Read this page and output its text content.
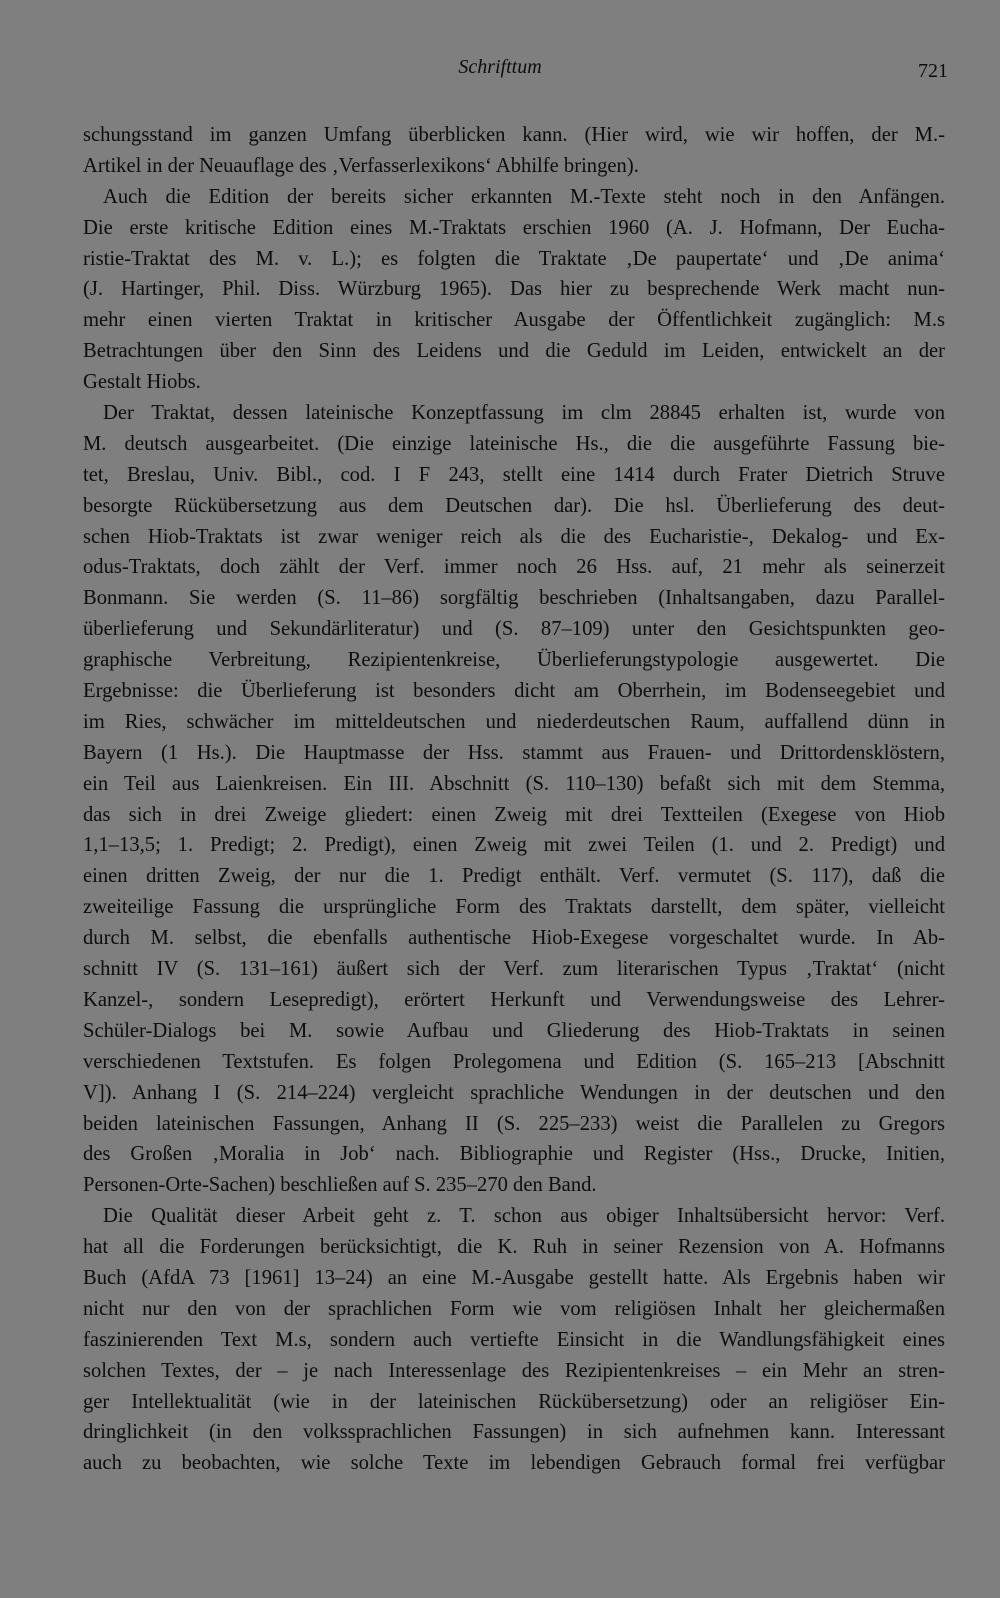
Schrifttum	721
schungsstand im ganzen Umfang überblicken kann. (Hier wird, wie wir hoffen, der M.-
Artikel in der Neuauflage des ‚Verfasserlexikons‘ Abhilfe bringen).
Auch die Edition der bereits sicher erkannten M.-Texte steht noch in den Anfängen.
Die erste kritische Edition eines M.-Traktats erschien 1960 (A. J. Hofmann, Der Eucha-
ristie-Traktat des M. v. L.); es folgten die Traktate ‚De paupertate‘ und ‚De anima‘
(J. Hartinger, Phil. Diss. Würzburg 1965). Das hier zu besprechende Werk macht nun-
mehr einen vierten Traktat in kritischer Ausgabe der Öffentlichkeit zugänglich: M.s
Betrachtungen über den Sinn des Leidens und die Geduld im Leiden, entwickelt an der
Gestalt Hiobs.
Der Traktat, dessen lateinische Konzeptfassung im clm 28845 erhalten ist, wurde von
M. deutsch ausgearbeitet. (Die einzige lateinische Hs., die die ausgeführte Fassung bie-
tet, Breslau, Univ. Bibl., cod. I F 243, stellt eine 1414 durch Frater Dietrich Struve
besorgte Rückübersetzung aus dem Deutschen dar). Die hsl. Überlieferung des deut-
schen Hiob-Traktats ist zwar weniger reich als die des Eucharistie-, Dekalog- und Ex-
odus-Traktats, doch zählt der Verf. immer noch 26 Hss. auf, 21 mehr als seinerzeit
Bonmann. Sie werden (S. 11–86) sorgfältig beschrieben (Inhaltsangaben, dazu Parallel-
überlieferung und Sekundärliteratur) und (S. 87–109) unter den Gesichtspunkten geo-
graphische Verbreitung, Rezipientenkreise, Überlieferungstypologie ausgewertet. Die
Ergebnisse: die Überlieferung ist besonders dicht am Oberrhein, im Bodenseegebiet und
im Ries, schwächer im mitteldeutschen und niederdeutschen Raum, auffallend dünn in
Bayern (1 Hs.). Die Hauptmasse der Hss. stammt aus Frauen- und Drittordensklöstern,
ein Teil aus Laienkreisen. Ein III. Abschnitt (S. 110–130) befaßt sich mit dem Stemma,
das sich in drei Zweige gliedert: einen Zweig mit drei Textteilen (Exegese von Hiob
1,1–13,5; 1. Predigt; 2. Predigt), einen Zweig mit zwei Teilen (1. und 2. Predigt) und
einen dritten Zweig, der nur die 1. Predigt enthält. Verf. vermutet (S. 117), daß die
zweiteilige Fassung die ursprüngliche Form des Traktats darstellt, dem später, vielleicht
durch M. selbst, die ebenfalls authentische Hiob-Exegese vorgeschaltet wurde. In Ab-
schnitt IV (S. 131–161) äußert sich der Verf. zum literarischen Typus ‚Traktat‘ (nicht
Kanzel-, sondern Lesepredigt), erörtert Herkunft und Verwendungsweise des Lehrer-
Schüler-Dialogs bei M. sowie Aufbau und Gliederung des Hiob-Traktats in seinen
verschiedenen Textstufen. Es folgen Prolegomena und Edition (S. 165–213 [Abschnitt
V]). Anhang I (S. 214–224) vergleicht sprachliche Wendungen in der deutschen und den
beiden lateinischen Fassungen, Anhang II (S. 225–233) weist die Parallelen zu Gregors
des Großen ‚Moralia in Job‘ nach. Bibliographie und Register (Hss., Drucke, Initien,
Personen-Orte-Sachen) beschließen auf S. 235–270 den Band.
Die Qualität dieser Arbeit geht z. T. schon aus obiger Inhaltsübersicht hervor: Verf.
hat all die Forderungen berücksichtigt, die K. Ruh in seiner Rezension von A. Hofmanns
Buch (AfdA 73 [1961] 13–24) an eine M.-Ausgabe gestellt hatte. Als Ergebnis haben wir
nicht nur den von der sprachlichen Form wie vom religiösen Inhalt her gleichermaßen
faszinierenden Text M.s, sondern auch vertiefte Einsicht in die Wandlungsfähigkeit eines
solchen Textes, der – je nach Interessenlage des Rezipientenkreises – ein Mehr an stren-
ger Intellektualität (wie in der lateinischen Rückübersetzung) oder an religiöser Ein-
dringlichkeit (in den volkssprachlichen Fassungen) in sich aufnehmen kann. Interessant
auch zu beobachten, wie solche Texte im lebendigen Gebrauch formal frei verfügbar
